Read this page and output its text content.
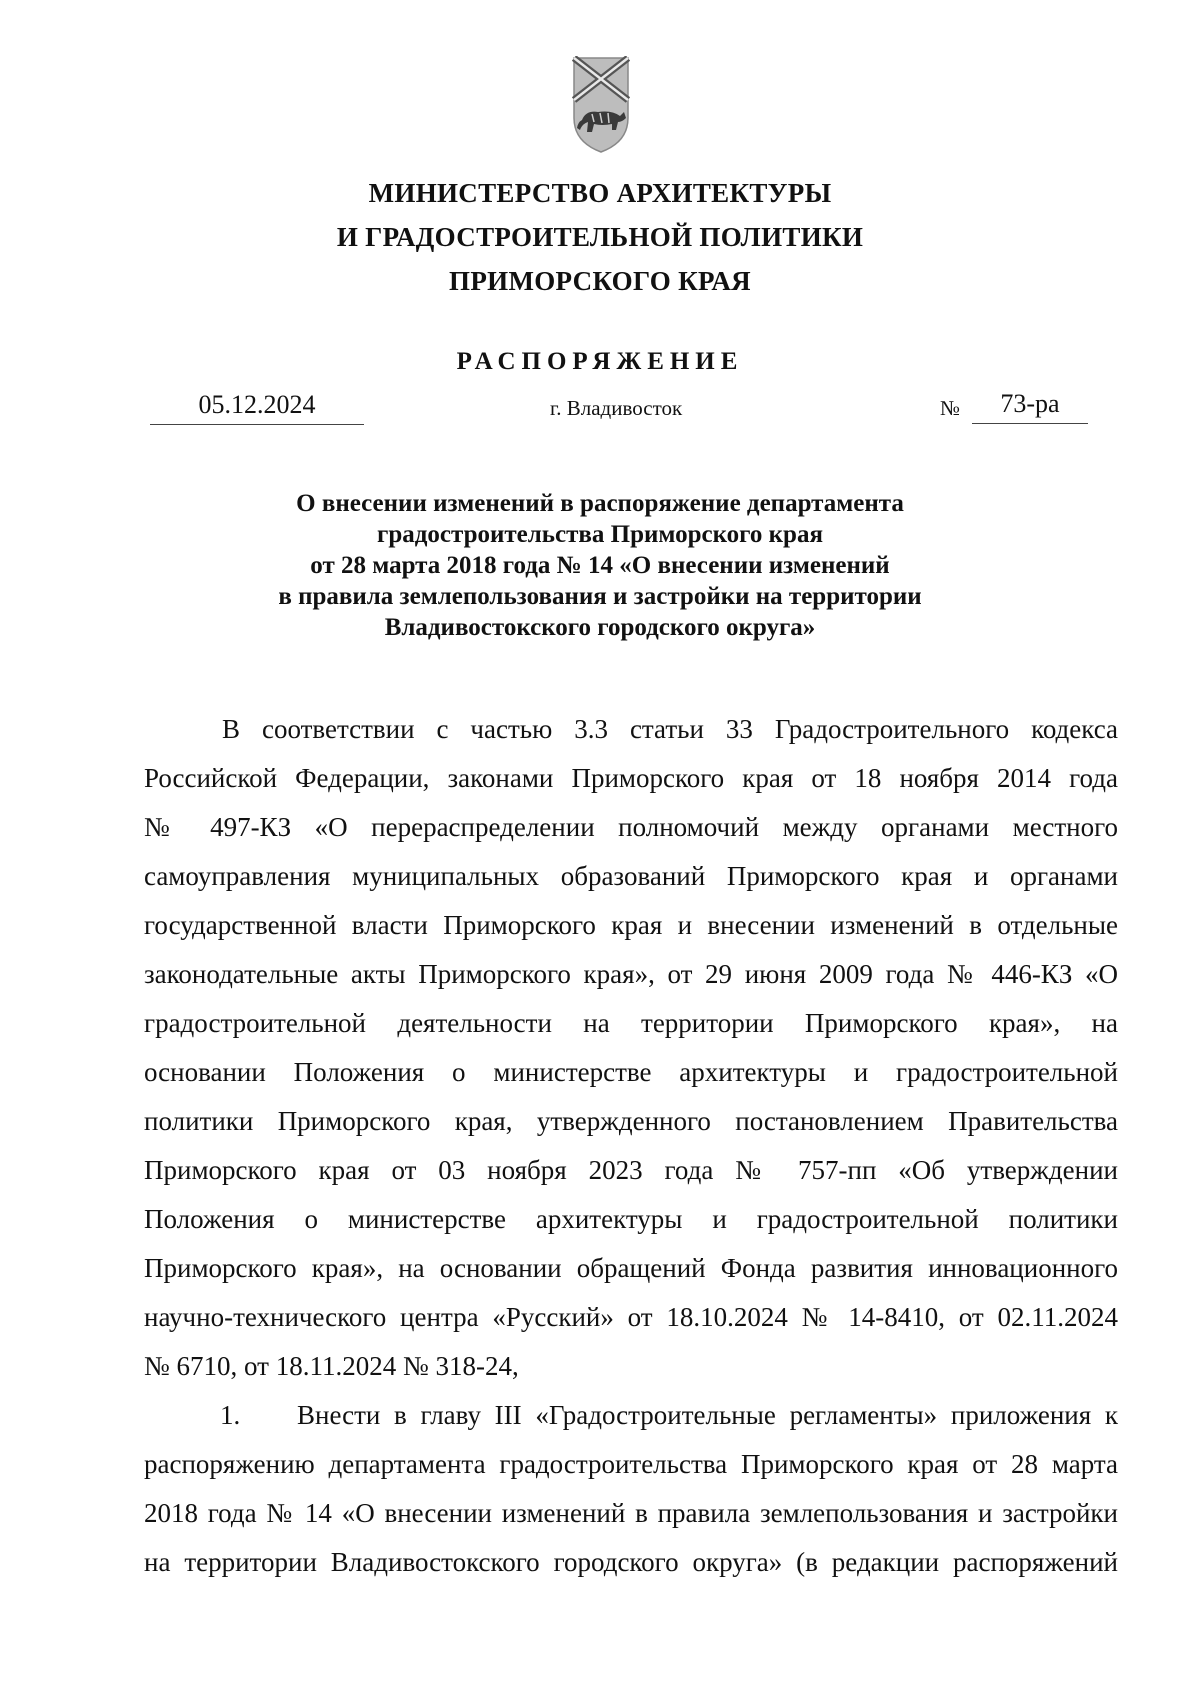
МИНИСТЕРСТВО АРХИТЕКТУРЫ
И ГРАДОСТРОИТЕЛЬНОЙ ПОЛИТИКИ
ПРИМОРСКОГО КРАЯ
РАСПОРЯЖЕНИЕ
05.12.2024	г. Владивосток	№	73-ра
О внесении изменений в распоряжение департамента
градостроительства Приморского края
от 28 марта 2018 года № 14 «О внесении изменений
в правила землепользования и застройки на территории
Владивостокского городского округа»
В соответствии с частью 3.3 статьи 33 Градостроительного кодекса
Российской Федерации, законами Приморского края от 18 ноября 2014 года
№ 497-КЗ «О перераспределении полномочий между органами местного
самоуправления муниципальных образований Приморского края и органами
государственной власти Приморского края и внесении изменений в отдельные
законодательные акты Приморского края», от 29 июня 2009 года № 446-КЗ «О
градостроительной деятельности на территории Приморского края», на
основании Положения о министерстве архитектуры и градостроительной
политики Приморского края, утвержденного постановлением Правительства
Приморского края от 03 ноября 2023 года № 757-пп «Об утверждении
Положения о министерстве архитектуры и градостроительной политики
Приморского края», на основании обращений Фонда развития инновационного
научно-технического центра «Русский» от 18.10.2024 № 14-8410, от 02.11.2024
№ 6710, от 18.11.2024 № 318-24,
1. Внести в главу III «Градостроительные регламенты» приложения к
распоряжению департамента градостроительства Приморского края от 28 марта
2018 года № 14 «О внесении изменений в правила землепользования и застройки
на территории Владивостокского городского округа» (в редакции распоряжений
